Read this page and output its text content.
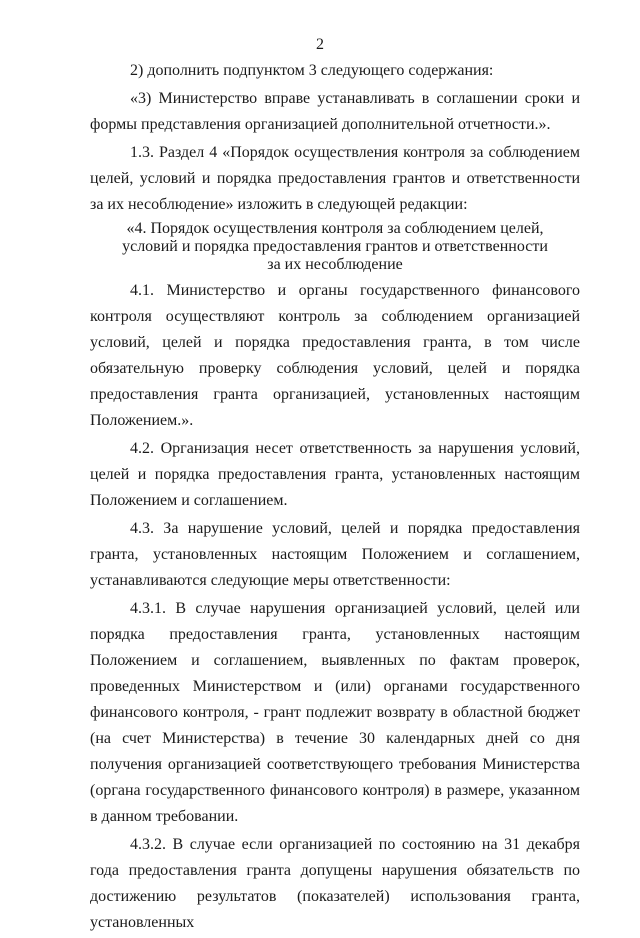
2

2) дополнить подпунктом 3 следующего содержания:

«3) Министерство вправе устанавливать в соглашении сроки и формы представления организацией дополнительной отчетности.».

1.3. Раздел 4 «Порядок осуществления контроля за соблюдением целей, условий и порядка предоставления грантов и ответственности за их несоблюдение» изложить в следующей редакции:

«4. Порядок осуществления контроля за соблюдением целей,
условий и порядка предоставления грантов и ответственности
за их несоблюдение

4.1. Министерство и органы государственного финансового контроля осуществляют контроль за соблюдением организацией условий, целей и порядка предоставления гранта, в том числе обязательную проверку соблюдения условий, целей и порядка предоставления гранта организацией, установленных настоящим Положением.».

4.2. Организация несет ответственность за нарушения условий, целей и порядка предоставления гранта, установленных настоящим Положением и соглашением.

4.3. За нарушение условий, целей и порядка предоставления гранта, установленных настоящим Положением и соглашением, устанавливаются следующие меры ответственности:

4.3.1. В случае нарушения организацией условий, целей или порядка предоставления гранта, установленных настоящим Положением и соглашением, выявленных по фактам проверок, проведенных Министерством и (или) органами государственного финансового контроля, - грант подлежит возврату в областной бюджет (на счет Министерства) в течение 30 календарных дней со дня получения организацией соответствующего требования Министерства (органа государственного финансового контроля) в размере, указанном в данном требовании.

4.3.2. В случае если организацией по состоянию на 31 декабря года предоставления гранта допущены нарушения обязательств по достижению результатов (показателей) использования гранта, установленных
